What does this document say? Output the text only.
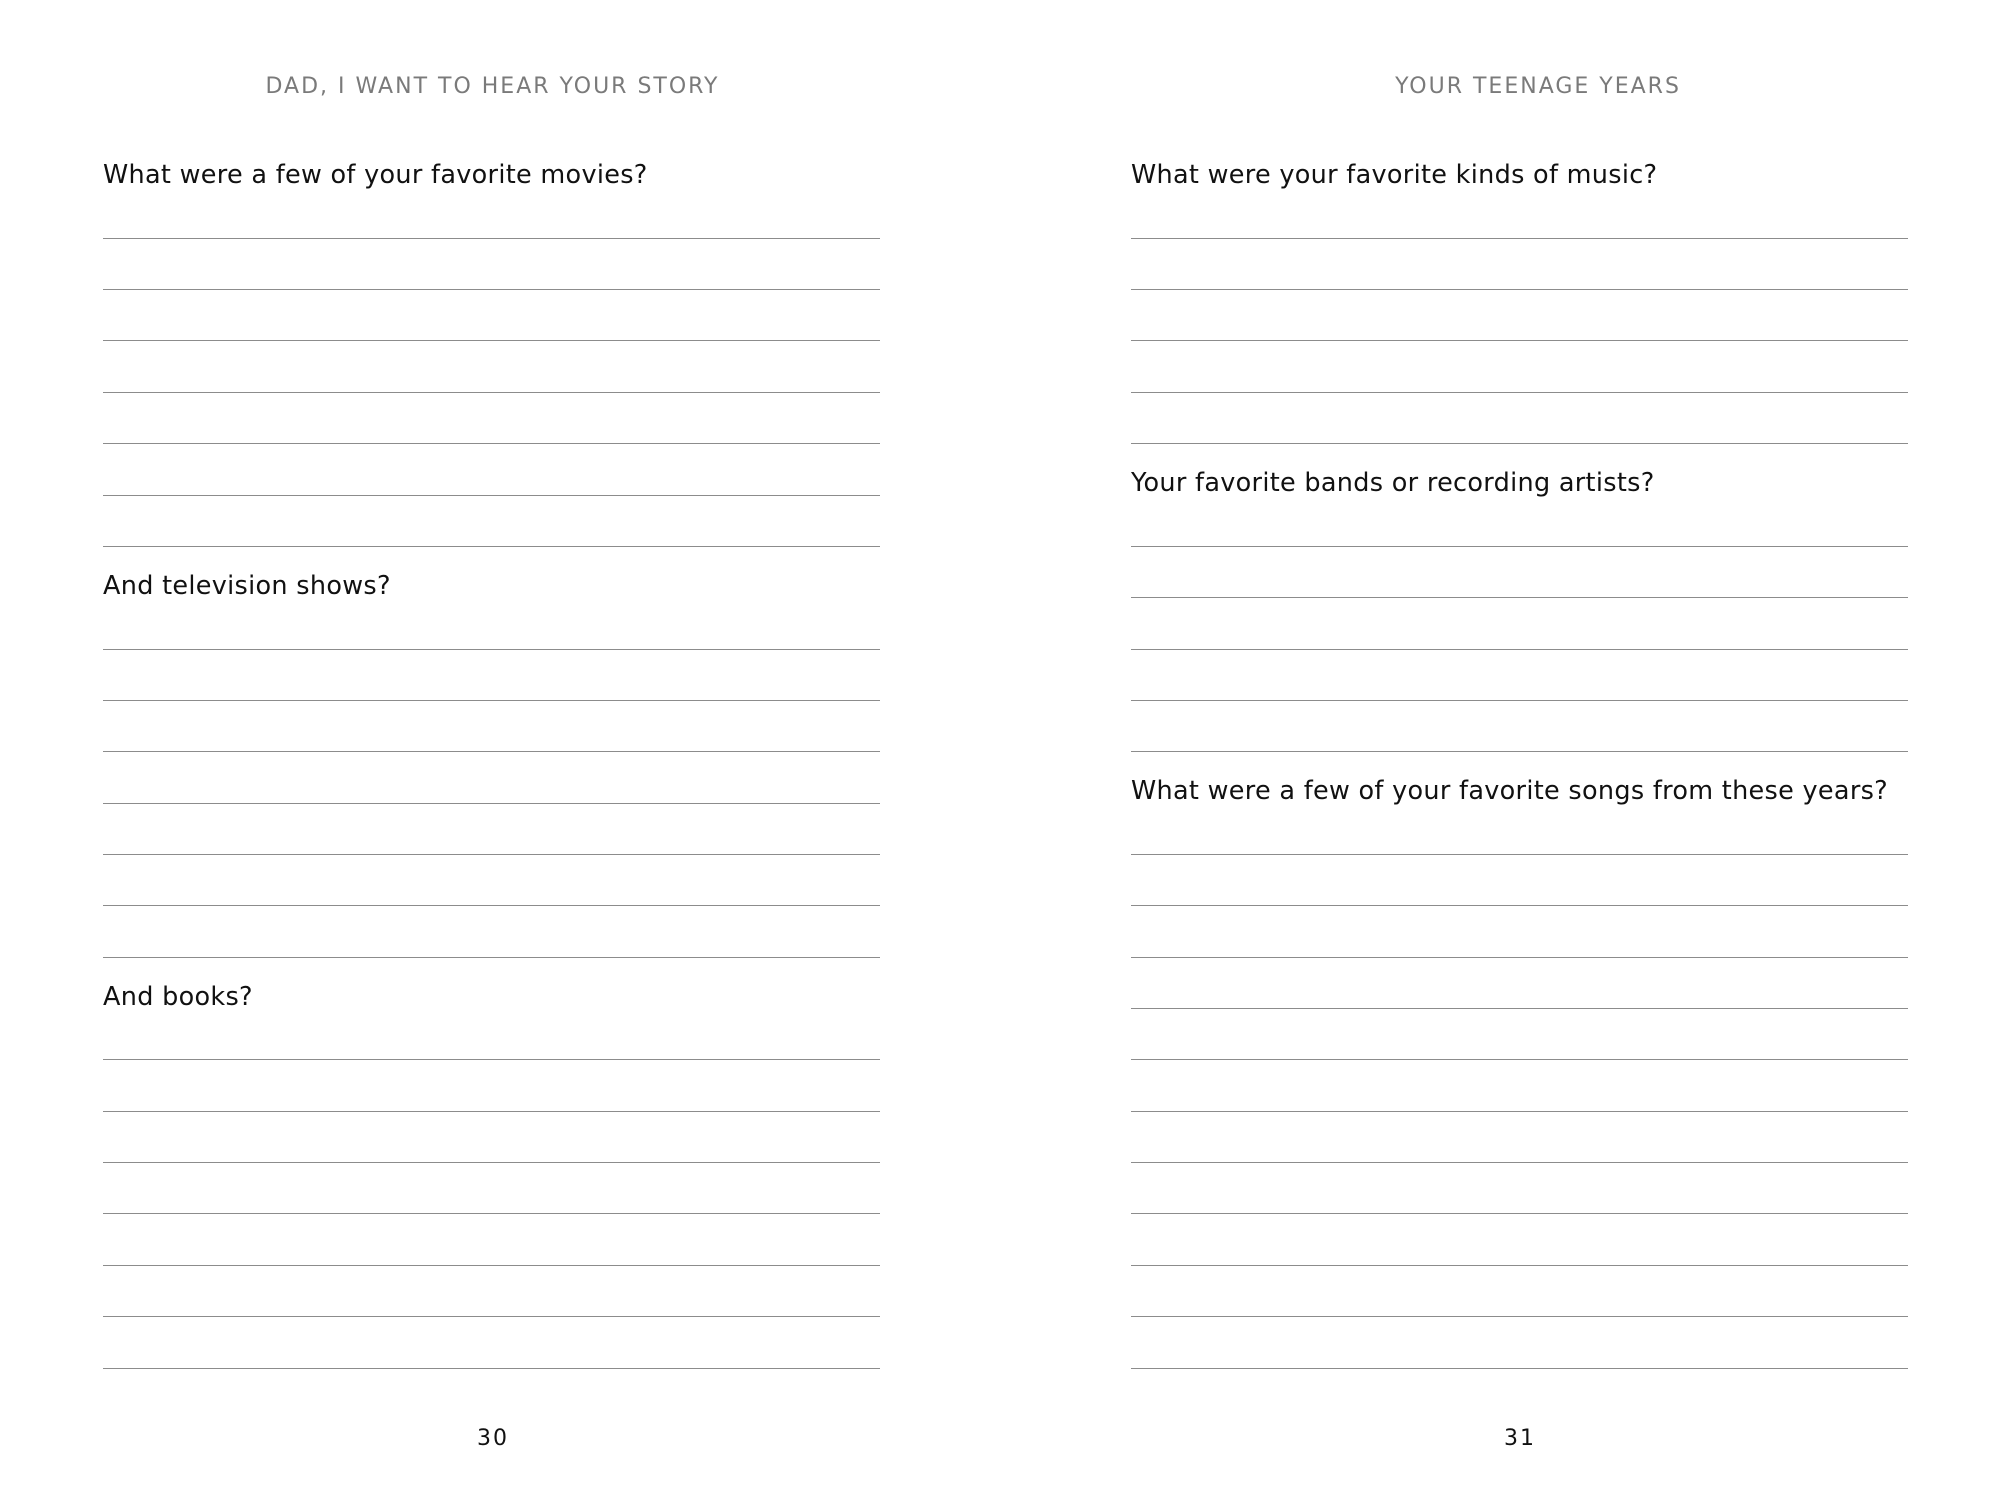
DAD, I WANT TO HEAR YOUR STORY
What were a few of your favorite movies?
And television shows?
And books?
30
YOUR TEENAGE YEARS
What were your favorite kinds of music?
Your favorite bands or recording artists?
What were a few of your favorite songs from these years?
31
